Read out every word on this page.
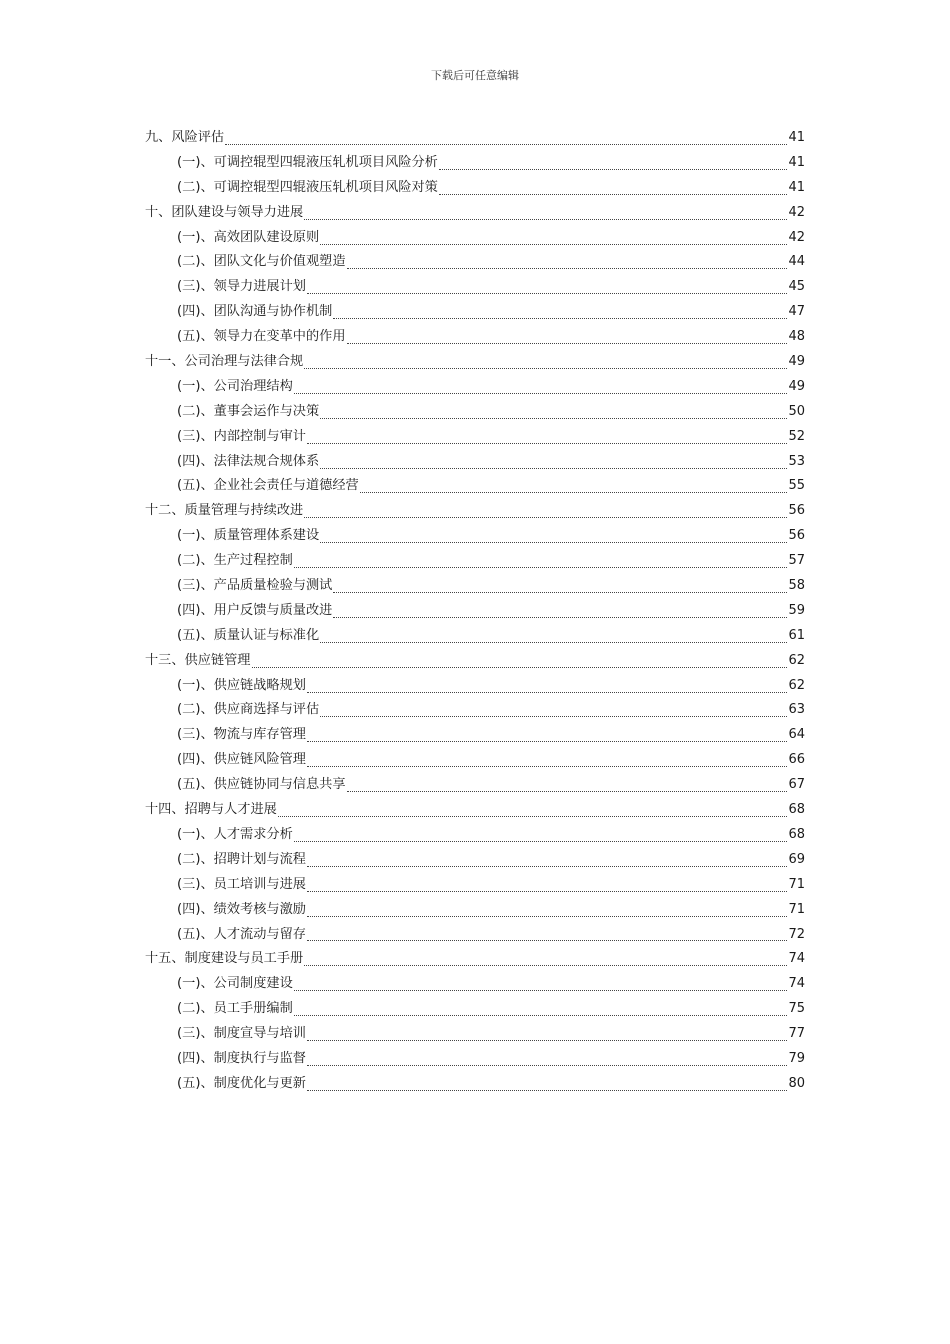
下载后可任意编辑
九、风险评估	41
(一)、可调控辊型四辊液压轧机项目风险分析	41
(二)、可调控辊型四辊液压轧机项目风险对策	41
十、团队建设与领导力进展	42
(一)、高效团队建设原则	42
(二)、团队文化与价值观塑造	44
(三)、领导力进展计划	45
(四)、团队沟通与协作机制	47
(五)、领导力在变革中的作用	48
十一、公司治理与法律合规	49
(一)、公司治理结构	49
(二)、董事会运作与决策	50
(三)、内部控制与审计	52
(四)、法律法规合规体系	53
(五)、企业社会责任与道德经营	55
十二、质量管理与持续改进	56
(一)、质量管理体系建设	56
(二)、生产过程控制	57
(三)、产品质量检验与测试	58
(四)、用户反馈与质量改进	59
(五)、质量认证与标准化	61
十三、供应链管理	62
(一)、供应链战略规划	62
(二)、供应商选择与评估	63
(三)、物流与库存管理	64
(四)、供应链风险管理	66
(五)、供应链协同与信息共享	67
十四、招聘与人才进展	68
(一)、人才需求分析	68
(二)、招聘计划与流程	69
(三)、员工培训与进展	71
(四)、绩效考核与激励	71
(五)、人才流动与留存	72
十五、制度建设与员工手册	74
(一)、公司制度建设	74
(二)、员工手册编制	75
(三)、制度宣导与培训	77
(四)、制度执行与监督	79
(五)、制度优化与更新	80
